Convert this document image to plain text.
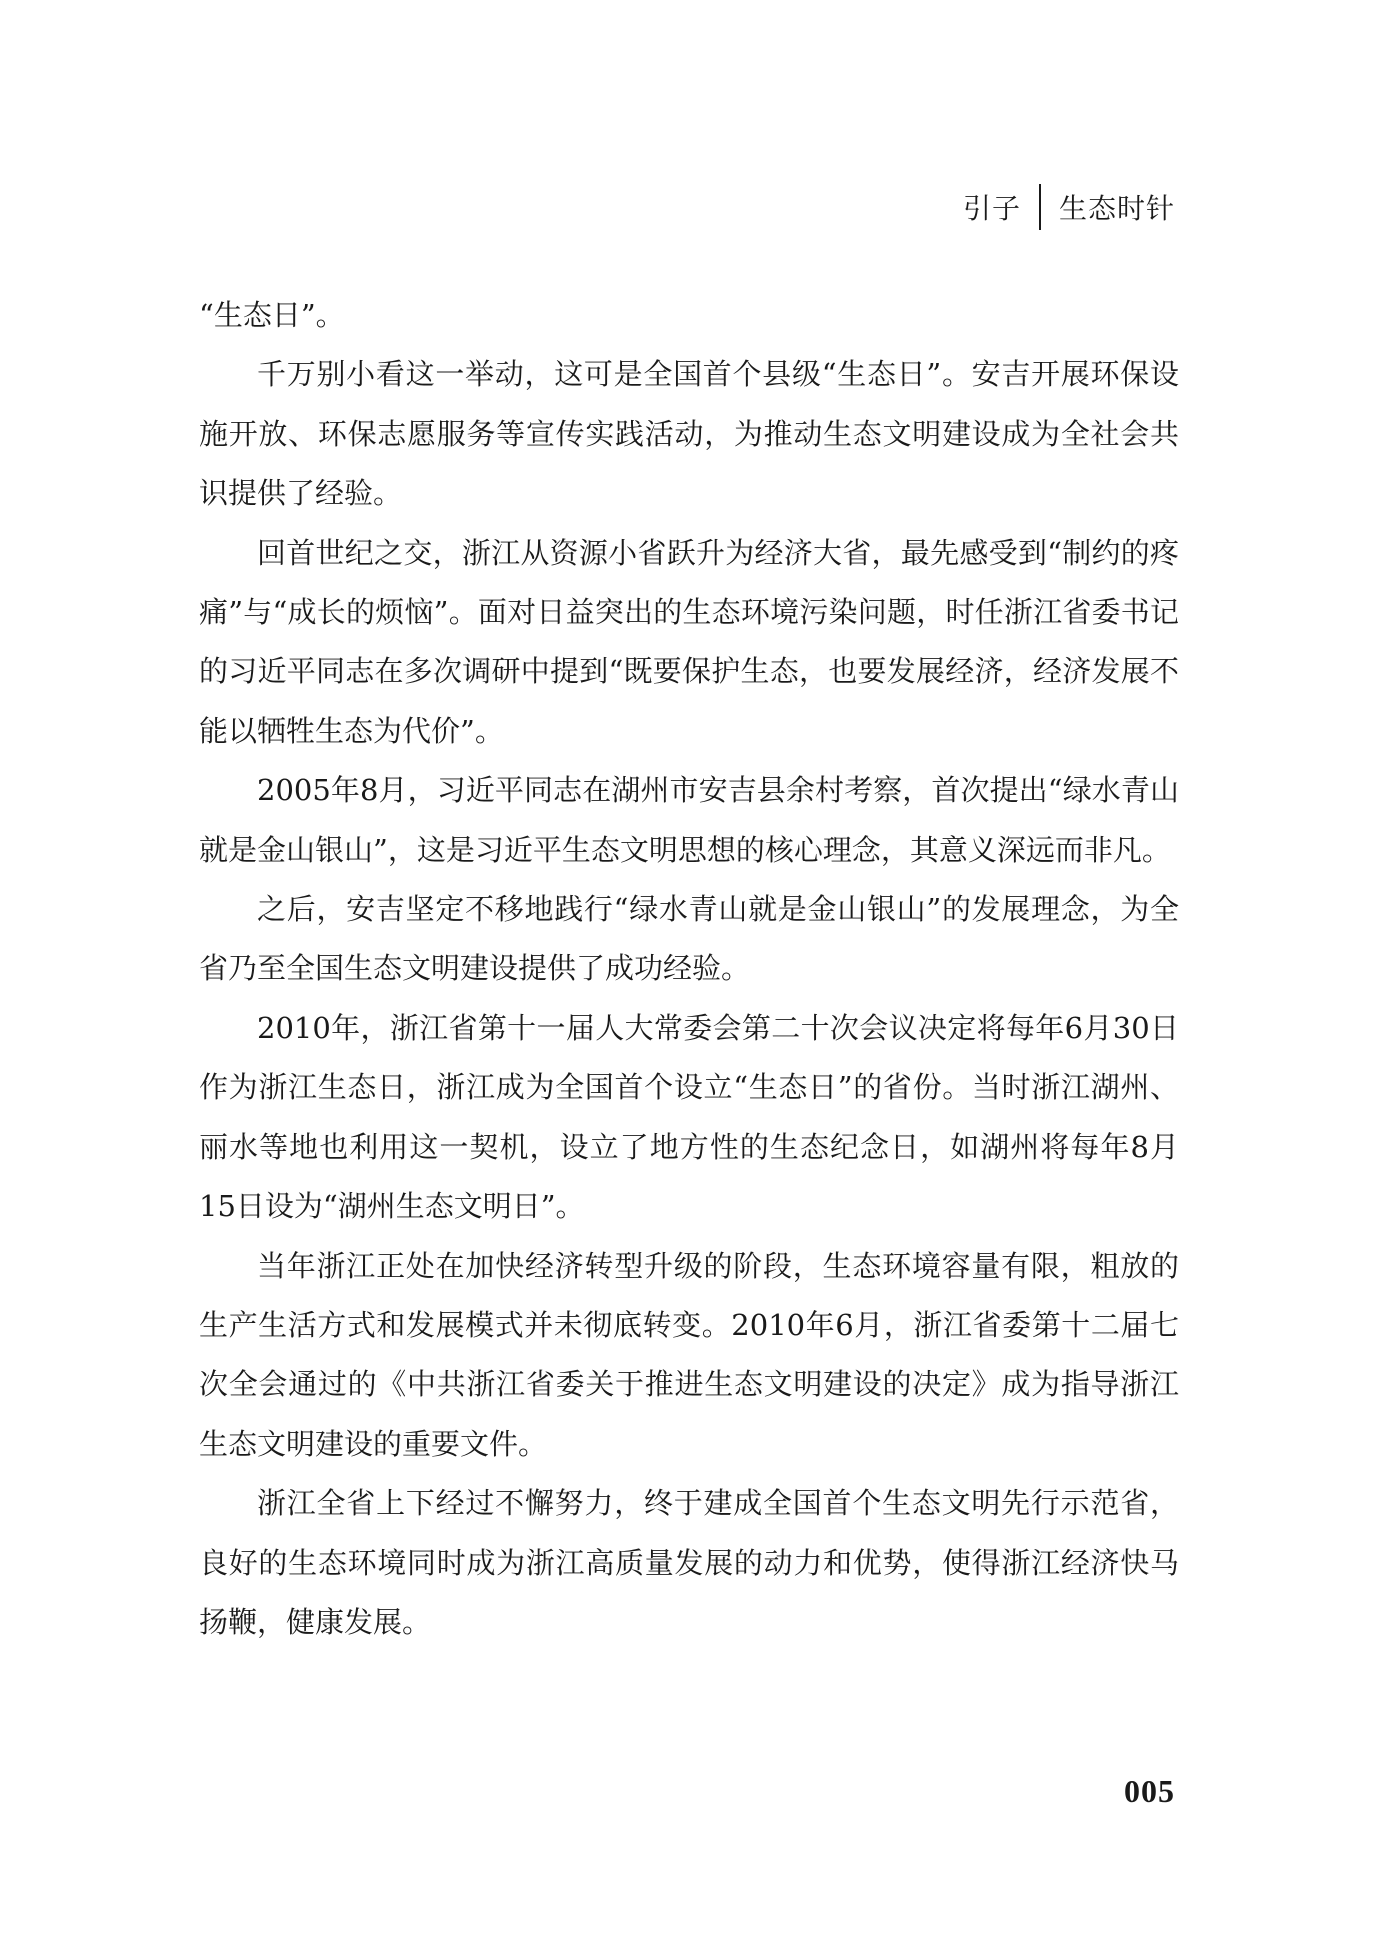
引子 生态时针

“生态日”。

千万别小看这一举动，这可是全国首个县级“生态日”。安吉开展环保设施开放、环保志愿服务等宣传实践活动，为推动生态文明建设成为全社会共识提供了经验。

回首世纪之交，浙江从资源小省跃升为经济大省，最先感受到“制约的疼痛”与“成长的烦恼”。面对日益突出的生态环境污染问题，时任浙江省委书记的习近平同志在多次调研中提到“既要保护生态，也要发展经济，经济发展不能以牺牲生态为代价”。

2005年8月，习近平同志在湖州市安吉县余村考察，首次提出“绿水青山就是金山银山”，这是习近平生态文明思想的核心理念，其意义深远而非凡。

之后，安吉坚定不移地践行“绿水青山就是金山银山”的发展理念，为全省乃至全国生态文明建设提供了成功经验。

2010年，浙江省第十一届人大常委会第二十次会议决定将每年6月30日作为浙江生态日，浙江成为全国首个设立“生态日”的省份。当时浙江湖州、丽水等地也利用这一契机，设立了地方性的生态纪念日，如湖州将每年8月15日设为“湖州生态文明日”。

当年浙江正处在加快经济转型升级的阶段，生态环境容量有限，粗放的生产生活方式和发展模式并未彻底转变。2010年6月，浙江省委第十二届七次全会通过的《中共浙江省委关于推进生态文明建设的决定》成为指导浙江生态文明建设的重要文件。

浙江全省上下经过不懈努力，终于建成全国首个生态文明先行示范省，良好的生态环境同时成为浙江高质量发展的动力和优势，使得浙江经济快马扬鞭，健康发展。

005
